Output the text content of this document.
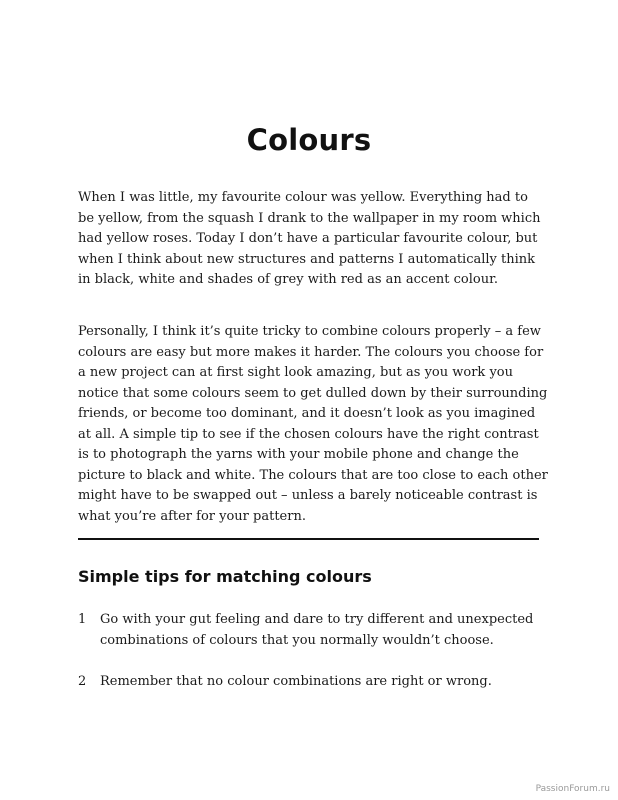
Colours

When I was little, my favourite colour was yellow. Everything had to be yellow, from the squash I drank to the wallpaper in my room which had yellow roses. Today I don’t have a particular favourite colour, but when I think about new structures and patterns I automatically think in black, white and shades of grey with red as an accent colour.

Personally, I think it’s quite tricky to combine colours properly – a few colours are easy but more makes it harder. The colours you choose for a new project can at first sight look amazing, but as you work you notice that some colours seem to get dulled down by their surrounding friends, or become too dominant, and it doesn’t look as you imagined at all. A simple tip to see if the chosen colours have the right contrast is to photograph the yarns with your mobile phone and change the picture to black and white. The colours that are too close to each other might have to be swapped out – unless a barely noticeable contrast is what you’re after for your pattern.

Simple tips for matching colours
1	Go with your gut feeling and dare to try different and unexpected combinations of colours that you normally wouldn’t choose.
2	Remember that no colour combinations are right or wrong.
PassionForum.ru
